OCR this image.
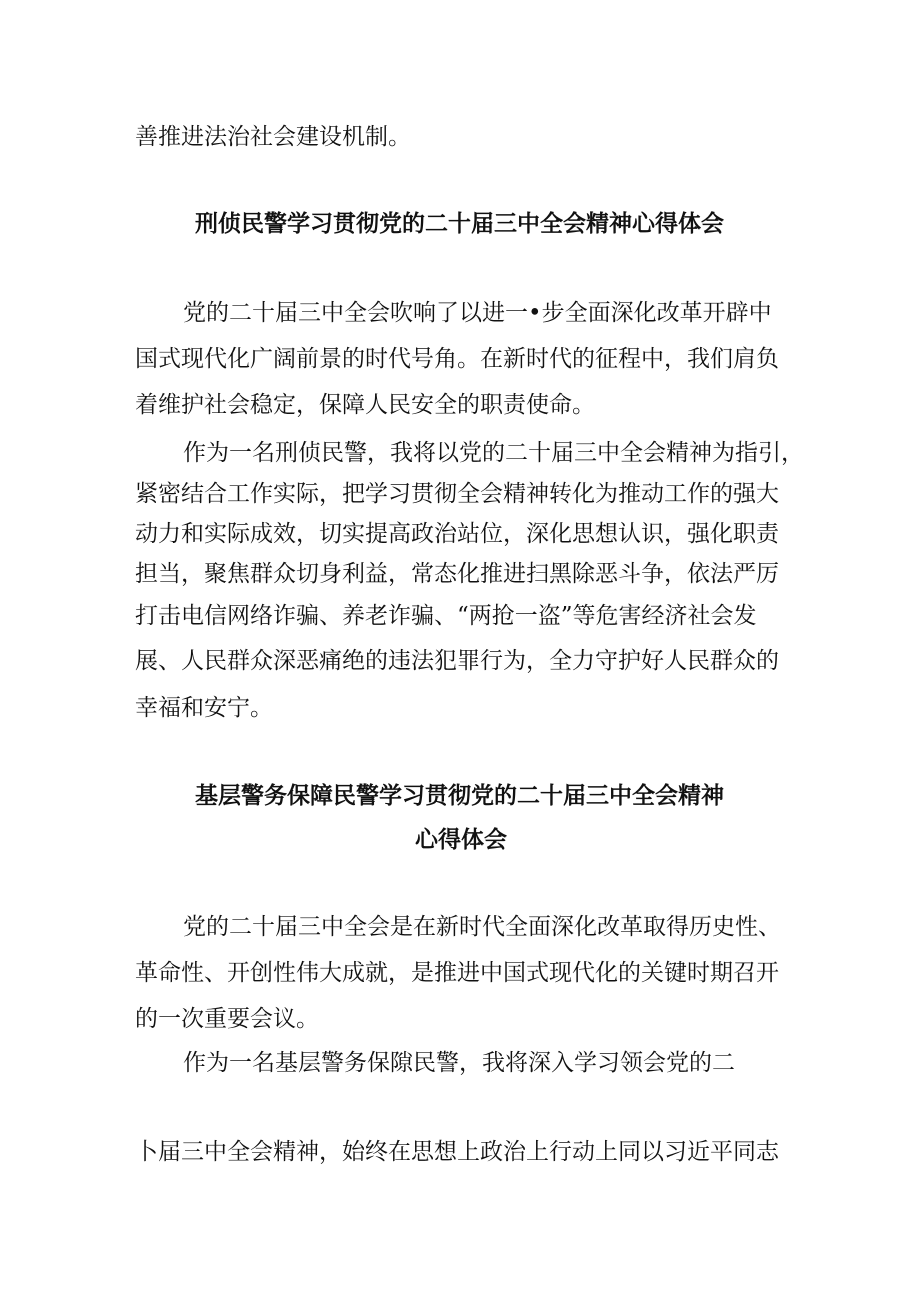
善推进法治社会建设机制。

刑侦民警学习贯彻党的二十届三中全会精神心得体会

党的二十届三中全会吹响了以进一•步全面深化改革开辟中

国式现代化广阔前景的时代号角。在新时代的征程中，我们肩负

着维护社会稳定，保障人民安全的职责使命。

作为一名刑侦民警，我将以党的二十届三中全会精神为指引，

紧密结合工作实际，把学习贯彻全会精神转化为推动工作的强大

动力和实际成效，切实提高政治站位，深化思想认识，强化职责

担当，聚焦群众切身利益，常态化推进扫黑除恶斗争，依法严厉

打击电信网络诈骗、养老诈骗、“两抢一盗”等危害经济社会发

展、人民群众深恶痛绝的违法犯罪行为，全力守护好人民群众的

幸福和安宁。

基层警务保障民警学习贯彻党的二十届三中全会精神
心得体会

党的二十届三中全会是在新时代全面深化改革取得历史性、

革命性、开创性伟大成就，是推进中国式现代化的关键时期召开

的一次重要会议。

作为一名基层警务保隙民警，我将深入学习领会党的二

卜届三中全会精神，始终在思想上政治上行动上同以习近平同志
